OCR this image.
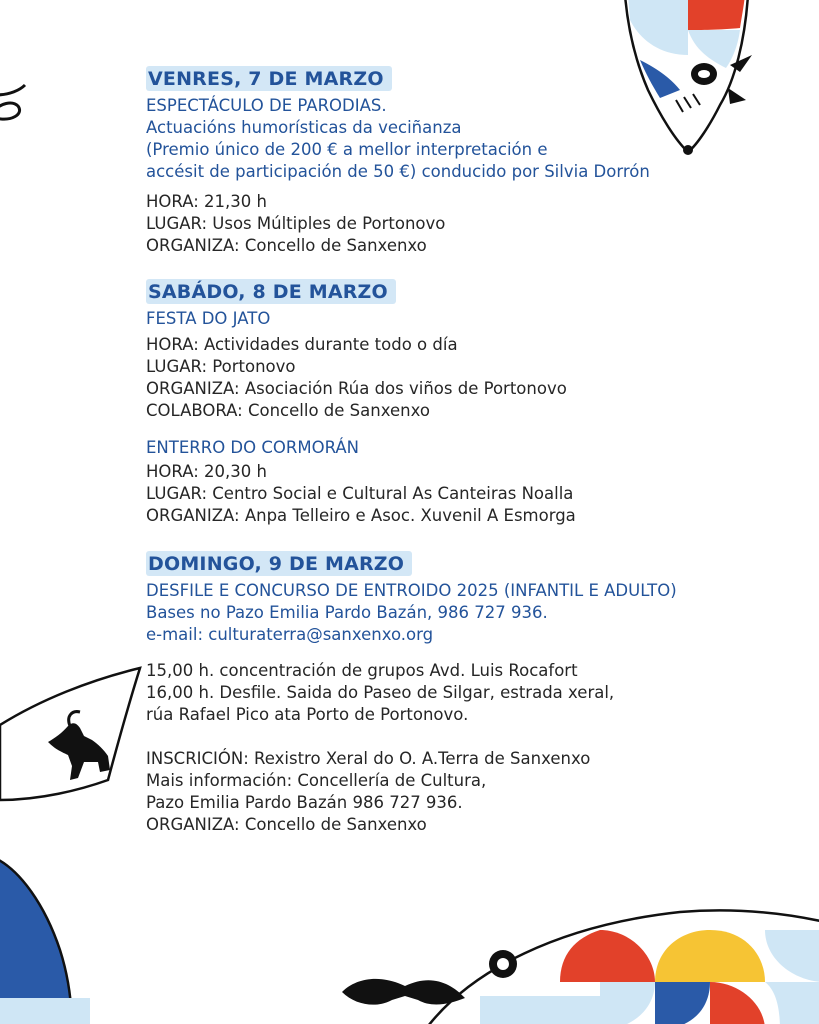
VENRES, 7 DE MARZO
ESPECTÁCULO DE PARODIAS.
Actuacións humorísticas da veciñanza
(Premio único de 200 € a mellor interpretación e
accésit de participación de 50 €) conducido por Silvia Dorrón
HORA: 21,30 h
LUGAR: Usos Múltiples de Portonovo
ORGANIZA: Concello de Sanxenxo
SABÁDO, 8 DE MARZO
FESTA DO JATO
HORA: Actividades durante todo o día
LUGAR: Portonovo
ORGANIZA: Asociación Rúa dos viños de Portonovo
COLABORA: Concello de Sanxenxo
ENTERRO DO CORMORÁN
HORA: 20,30 h
LUGAR: Centro Social e Cultural As Canteiras Noalla
ORGANIZA: Anpa Telleiro e Asoc. Xuvenil A Esmorga
DOMINGO, 9 DE MARZO
DESFILE E CONCURSO DE ENTROIDO 2025 (INFANTIL E ADULTO)
Bases no Pazo Emilia Pardo Bazán, 986 727 936.
e-mail: culturaterra@sanxenxo.org
15,00 h. concentración de grupos Avd. Luis Rocafort
16,00 h. Desfile. Saida do Paseo de Silgar, estrada xeral,
rúa Rafael Pico ata Porto de Portonovo.
INSCRICIÓN: Rexistro Xeral do O. A.Terra de Sanxenxo
Mais información: Concellería de Cultura,
Pazo Emilia Pardo Bazán 986 727 936.
ORGANIZA: Concello de Sanxenxo
